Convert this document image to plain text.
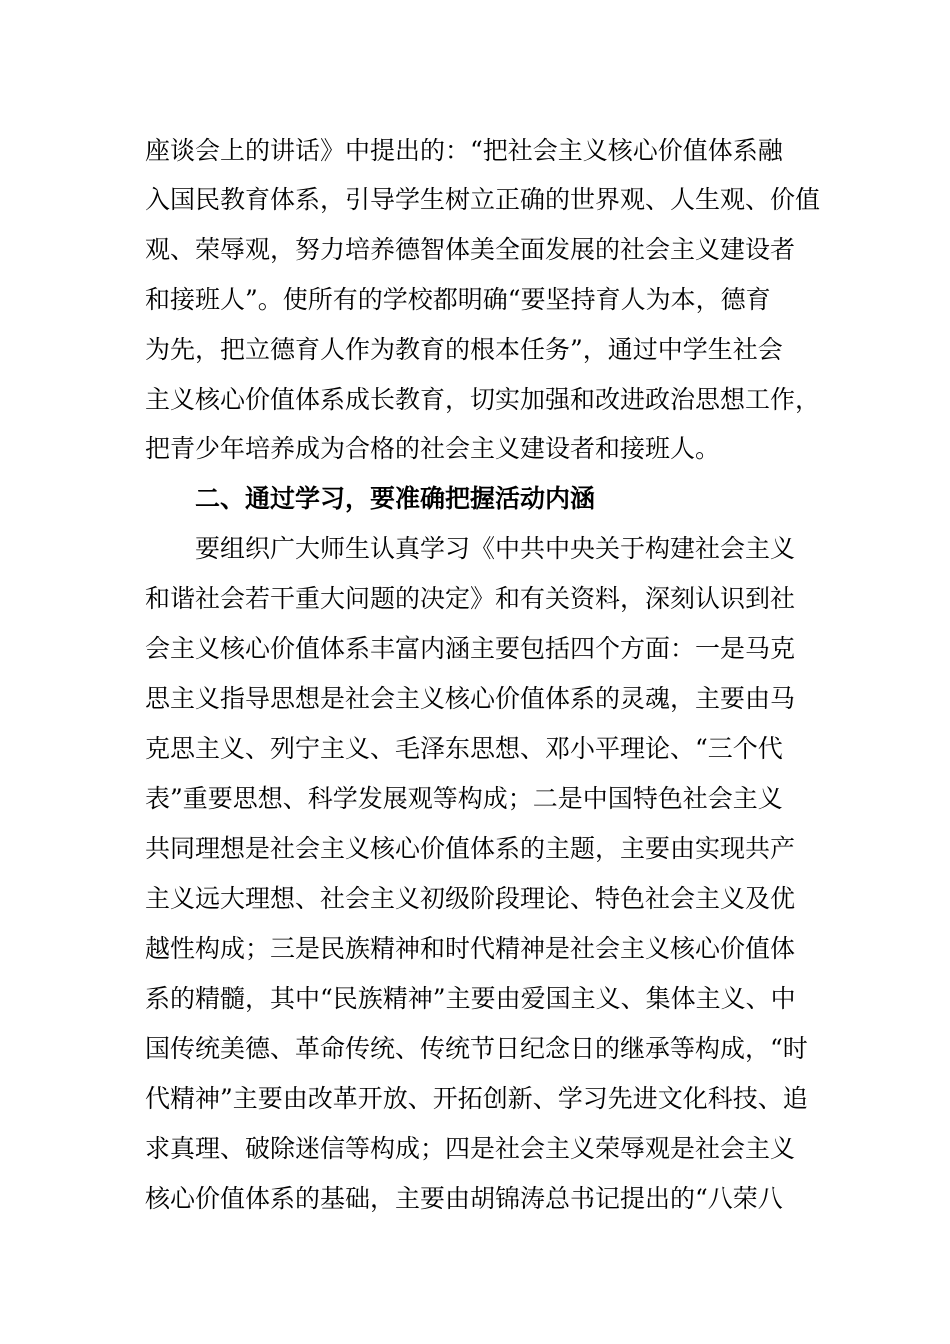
座谈会上的讲话》中提出的：“把社会主义核心价值体系融
入国民教育体系，引导学生树立正确的世界观、人生观、价值
观、荣辱观，努力培养德智体美全面发展的社会主义建设者
和接班人”。使所有的学校都明确“要坚持育人为本，德育
为先，把立德育人作为教育的根本任务”，通过中学生社会
主义核心价值体系成长教育，切实加强和改进政治思想工作，
把青少年培养成为合格的社会主义建设者和接班人。
二、通过学习，要准确把握活动内涵
要组织广大师生认真学习《中共中央关于构建社会主义
和谐社会若干重大问题的决定》和有关资料，深刻认识到社
会主义核心价值体系丰富内涵主要包括四个方面：一是马克
思主义指导思想是社会主义核心价值体系的灵魂，主要由马
克思主义、列宁主义、毛泽东思想、邓小平理论、“三个代
表”重要思想、科学发展观等构成；二是中国特色社会主义
共同理想是社会主义核心价值体系的主题，主要由实现共产
主义远大理想、社会主义初级阶段理论、特色社会主义及优
越性构成；三是民族精神和时代精神是社会主义核心价值体
系的精髓，其中“民族精神”主要由爱国主义、集体主义、中
国传统美德、革命传统、传统节日纪念日的继承等构成，“时
代精神”主要由改革开放、开拓创新、学习先进文化科技、追
求真理、破除迷信等构成；四是社会主义荣辱观是社会主义
核心价值体系的基础，主要由胡锦涛总书记提出的“八荣八
